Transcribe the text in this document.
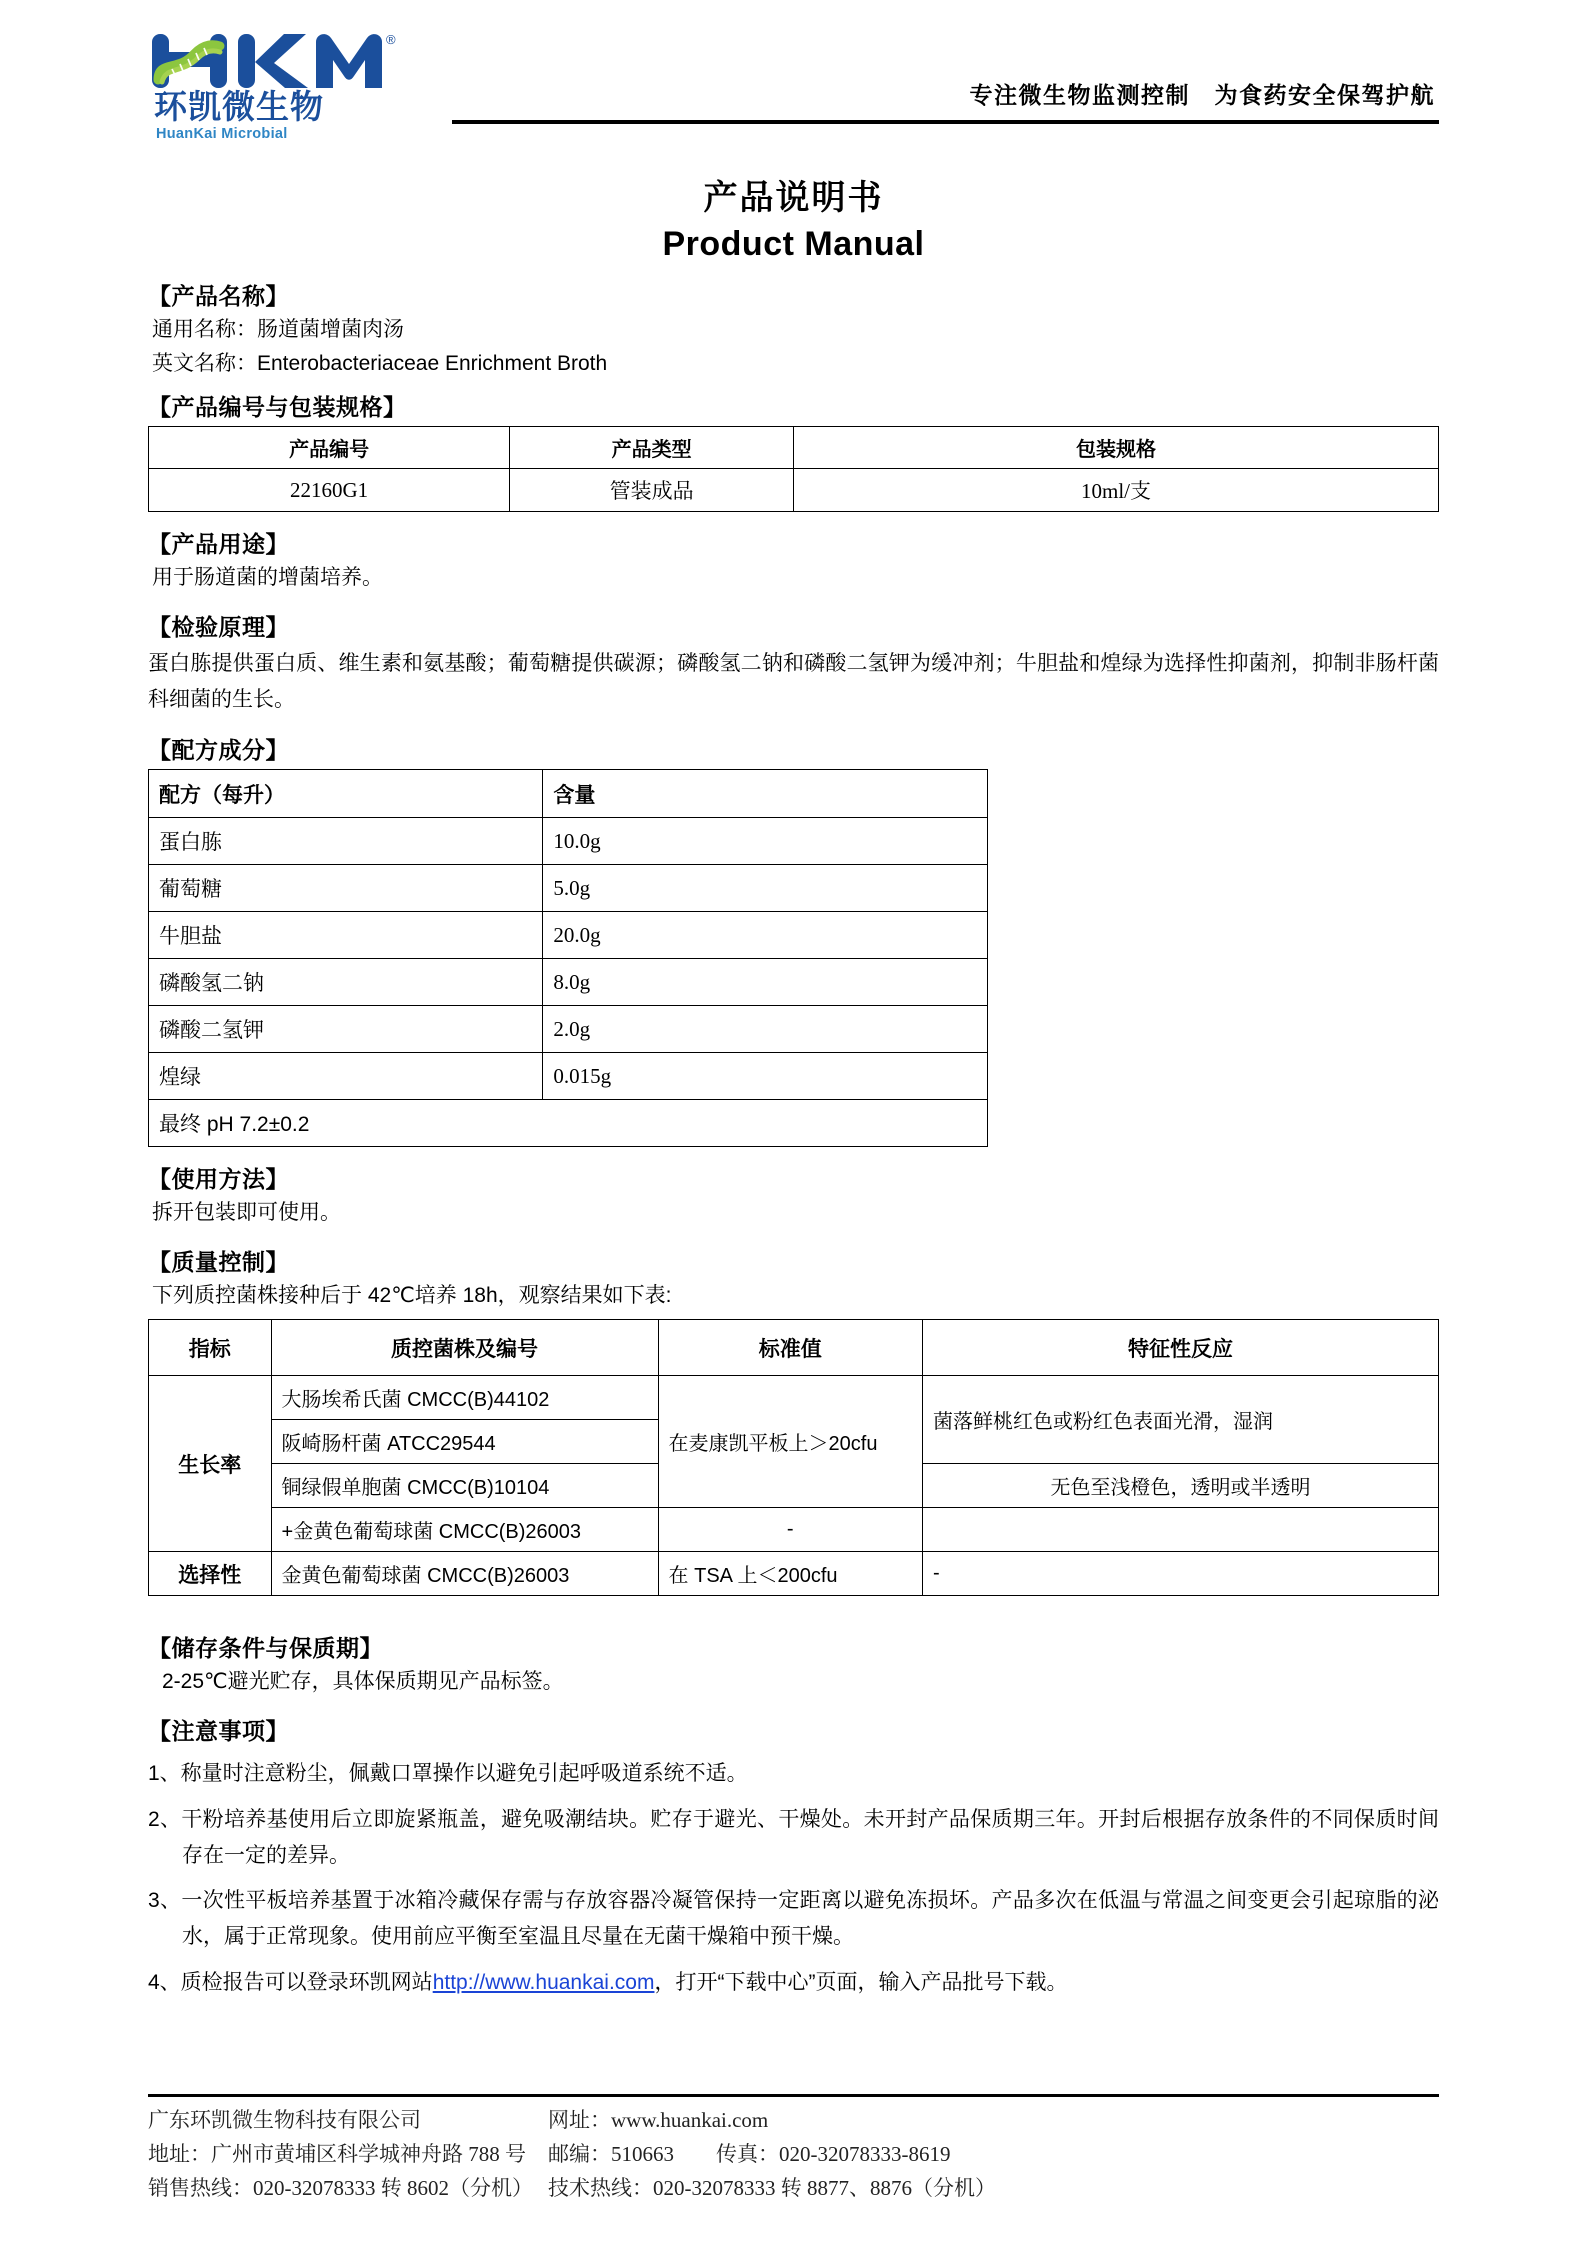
®
环凯微生物
HuanKai Microbial
专注微生物监测控制　为食药安全保驾护航
产品说明书
Product Manual
【产品名称】
通用名称：肠道菌增菌肉汤
英文名称：Enterobacteriaceae Enrichment Broth
【产品编号与包装规格】
产品编号	产品类型	包装规格
22160G1	管装成品	10ml/支
【产品用途】
用于肠道菌的增菌培养。
【检验原理】
蛋白胨提供蛋白质、维生素和氨基酸；葡萄糖提供碳源；磷酸氢二钠和磷酸二氢钾为缓冲剂；牛胆盐和煌绿为选择性抑菌剂，抑制非肠杆菌科细菌的生长。
【配方成分】
配方（每升）	含量
蛋白胨	10.0g
葡萄糖	5.0g
牛胆盐	20.0g
磷酸氢二钠	8.0g
磷酸二氢钾	2.0g
煌绿	0.015g
最终 pH 7.2±0.2	
【使用方法】
拆开包装即可使用。
【质量控制】
下列质控菌株接种后于 42℃培养 18h，观察结果如下表:
指标	质控菌株及编号	标准值	特征性反应
生长率	大肠埃希氏菌 CMCC(B)44102	在麦康凯平板上＞20cfu	菌落鲜桃红色或粉红色表面光滑，湿润
	阪崎肠杆菌 ATCC29544		
	铜绿假单胞菌 CMCC(B)10104		无色至浅橙色，透明或半透明
	+金黄色葡萄球菌 CMCC(B)26003	-	
选择性	金黄色葡萄球菌 CMCC(B)26003	在 TSA 上＜200cfu	-
【储存条件与保质期】
2-25℃避光贮存，具体保质期见产品标签。
【注意事项】
1、称量时注意粉尘，佩戴口罩操作以避免引起呼吸道系统不适。
2、干粉培养基使用后立即旋紧瓶盖，避免吸潮结块。贮存于避光、干燥处。未开封产品保质期三年。开封后根据存放条件的不同保质时间存在一定的差异。
3、一次性平板培养基置于冰箱冷藏保存需与存放容器冷凝管保持一定距离以避免冻损坏。产品多次在低温与常温之间变更会引起琼脂的泌水，属于正常现象。使用前应平衡至室温且尽量在无菌干燥箱中预干燥。
4、质检报告可以登录环凯网站http://www.huankai.com，打开“下载中心”页面，输入产品批号下载。
广东环凯微生物科技有限公司
地址：广州市黄埔区科学城神舟路 788 号
销售热线：020-32078333 转 8602（分机）
网址：www.huankai.com
邮编：510663　　传真：020-32078333-8619
技术热线：020-32078333 转 8877、8876（分机）
